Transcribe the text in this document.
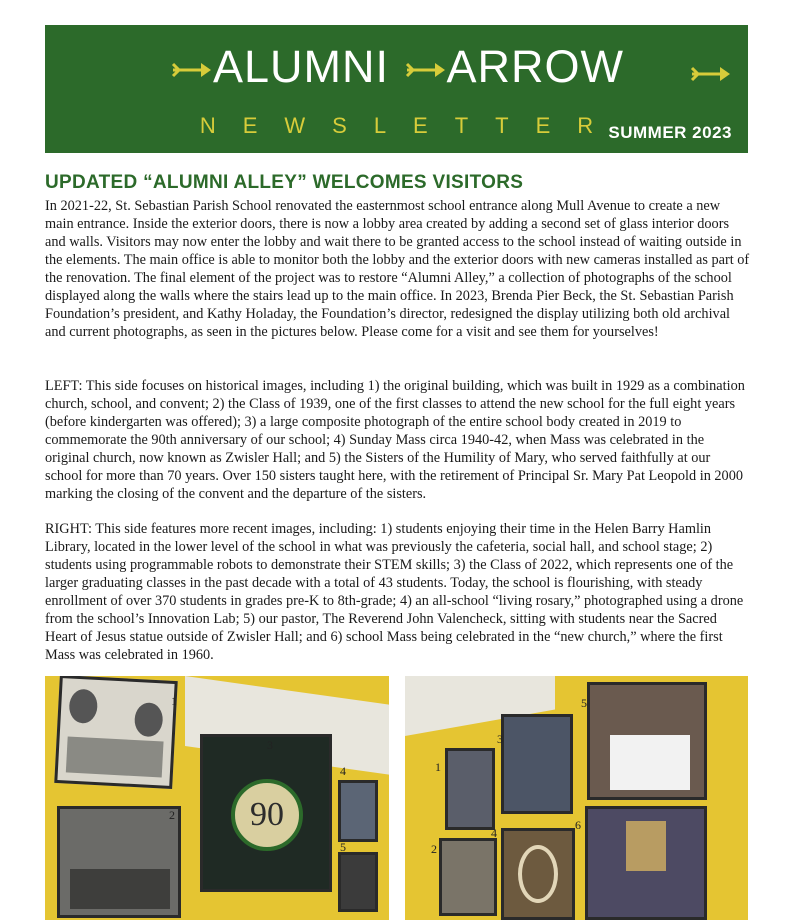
ALUMNI ARROW
NEWSLETTER
SUMMER 2023
UPDATED “ALUMNI ALLEY” WELCOMES VISITORS

In 2021-22, St. Sebastian Parish School renovated the easternmost school entrance along Mull Avenue to create a new main entrance. Inside the exterior doors, there is now a lobby area created by adding a second set of glass interior doors and walls. Visitors may now enter the lobby and wait there to be granted access to the school instead of waiting outside in the elements. The main office is able to monitor both the lobby and the exterior doors with new cameras installed as part of the renovation. The final element of the project was to restore “Alumni Alley,” a collection of photographs of the school displayed along the walls where the stairs lead up to the main office. In 2023, Brenda Pier Beck, the St. Sebastian Parish Foundation’s president, and Kathy Holaday, the Foundation’s director, redesigned the display utilizing both old archival and current photographs, as seen in the pictures below. Please come for a visit and see them for yourselves!

LEFT: This side focuses on historical images, including 1) the original building, which was built in 1929 as a combination church, school, and convent; 2) the Class of 1939, one of the first classes to attend the new school for the full eight years (before kindergarten was offered); 3) a large composite photograph of the entire school body created in 2019 to commemorate the 90th anniversary of our school; 4) Sunday Mass circa 1940-42, when Mass was celebrated in the original church, now known as Zwisler Hall; and 5) the Sisters of the Humility of Mary, who served faithfully at our school for more than 70 years. Over 150 sisters taught here, with the retirement of Principal Sr. Mary Pat Leopold in 2000 marking the closing of the convent and the departure of the sisters.

RIGHT: This side features more recent images, including: 1) students enjoying their time in the Helen Barry Hamlin Library, located in the lower level of the school in what was previously the cafeteria, social hall, and school stage; 2) students using programmable robots to demonstrate their STEM skills; 3) the Class of 2022, which represents one of the larger graduating classes in the past decade with a total of 43 students. Today, the school is flourishing, with steady enrollment of over 370 students in grades pre-K to 8th-grade; 4) an all-school “living rosary,” photographed using a drone from the school’s Innovation Lab; 5) our pastor, The Reverend John Valencheck, sitting with students near the Sacred Heart of Jesus statue outside of Zwisler Hall; and 6) school Mass being celebrated in the “new church,” where the first Mass was celebrated in 1960.

90
1
2
3
4
5
1
2
3
4
5
6
